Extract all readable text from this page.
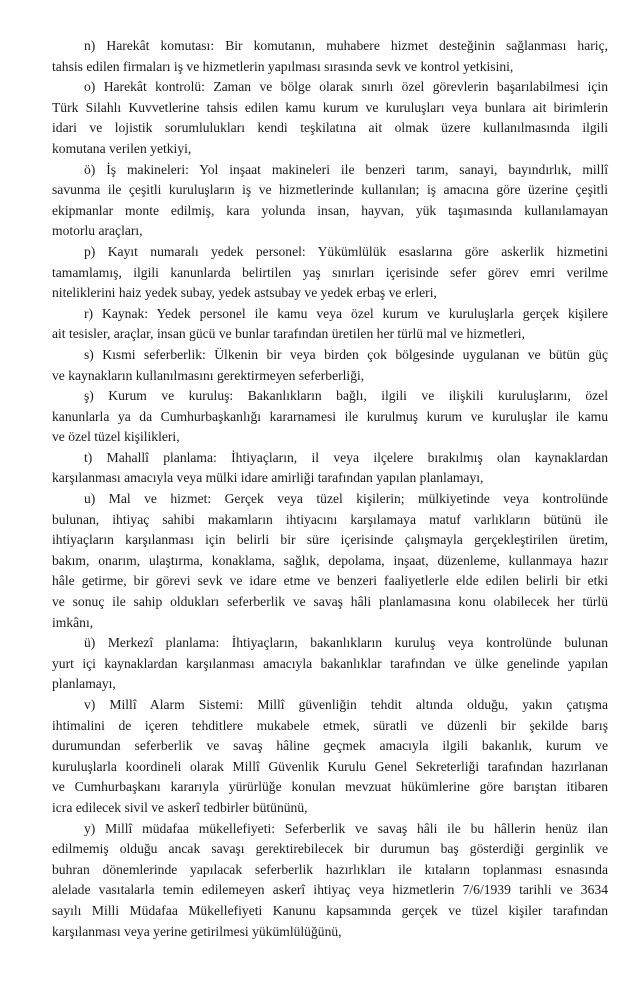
n) Harekât komutası: Bir komutanın, muhabere hizmet desteğinin sağlanması hariç,
tahsis edilen firmaları iş ve hizmetlerin yapılması sırasında sevk ve kontrol yetkisini,
o) Harekât kontrolü: Zaman ve bölge olarak sınırlı özel görevlerin başarılabilmesi için
Türk Silahlı Kuvvetlerine tahsis edilen kamu kurum ve kuruluşları veya bunlara ait birimlerin
idari ve lojistik sorumlulukları kendi teşkilatına ait olmak üzere kullanılmasında ilgili
komutana verilen yetkiyi,
ö) İş makineleri: Yol inşaat makineleri ile benzeri tarım, sanayi, bayındırlık, millî
savunma ile çeşitli kuruluşların iş ve hizmetlerinde kullanılan; iş amacına göre üzerine çeşitli
ekipmanlar monte edilmiş, kara yolunda insan, hayvan, yük taşımasında kullanılamayan
motorlu araçları,
p) Kayıt numaralı yedek personel: Yükümlülük esaslarına göre askerlik hizmetini
tamamlamış, ilgili kanunlarda belirtilen yaş sınırları içerisinde sefer görev emri verilme
niteliklerini haiz yedek subay, yedek astsubay ve yedek erbaş ve erleri,
r) Kaynak: Yedek personel ile kamu veya özel kurum ve kuruluşlarla gerçek kişilere
ait tesisler, araçlar, insan gücü ve bunlar tarafından üretilen her türlü mal ve hizmetleri,
s) Kısmi seferberlik: Ülkenin bir veya birden çok bölgesinde uygulanan ve bütün güç
ve kaynakların kullanılmasını gerektirmeyen seferberliği,
ş) Kurum ve kuruluş: Bakanlıkların bağlı, ilgili ve ilişkili kuruluşlarını, özel
kanunlarla ya da Cumhurbaşkanlığı kararnamesi ile kurulmuş kurum ve kuruluşlar ile kamu
ve özel tüzel kişilikleri,
t) Mahallî planlama: İhtiyaçların, il veya ilçelere bırakılmış olan kaynaklardan
karşılanması amacıyla veya mülki idare amirliği tarafından yapılan planlamayı,
u) Mal ve hizmet: Gerçek veya tüzel kişilerin; mülkiyetinde veya kontrolünde
bulunan, ihtiyaç sahibi makamların ihtiyacını karşılamaya matuf varlıkların bütünü ile
ihtiyaçların karşılanması için belirli bir süre içerisinde çalışmayla gerçekleştirilen üretim,
bakım, onarım, ulaştırma, konaklama, sağlık, depolama, inşaat, düzenleme, kullanmaya hazır
hâle getirme, bir görevi sevk ve idare etme ve benzeri faaliyetlerle elde edilen belirli bir etki
ve sonuç ile sahip oldukları seferberlik ve savaş hâli planlamasına konu olabilecek her türlü
imkânı,
ü) Merkezî planlama: İhtiyaçların, bakanlıkların kuruluş veya kontrolünde bulunan
yurt içi kaynaklardan karşılanması amacıyla bakanlıklar tarafından ve ülke genelinde yapılan
planlamayı,
v) Millî Alarm Sistemi: Millî güvenliğin tehdit altında olduğu, yakın çatışma
ihtimalini de içeren tehditlere mukabele etmek, süratli ve düzenli bir şekilde barış
durumundan seferberlik ve savaş hâline geçmek amacıyla ilgili bakanlık, kurum ve
kuruluşlarla koordineli olarak Millî Güvenlik Kurulu Genel Sekreterliği tarafından hazırlanan
ve Cumhurbaşkanı kararıyla yürürlüğe konulan mevzuat hükümlerine göre barıştan itibaren
icra edilecek sivil ve askerî tedbirler bütününü,
y) Millî müdafaa mükellefiyeti: Seferberlik ve savaş hâli ile bu hâllerin henüz ilan
edilmemiş olduğu ancak savaşı gerektirebilecek bir durumun baş gösterdiği gerginlik ve
buhran dönemlerinde yapılacak seferberlik hazırlıkları ile kıtaların toplanması esnasında
alelade vasıtalarla temin edilemeyen askerî ihtiyaç veya hizmetlerin 7/6/1939 tarihli ve 3634
sayılı Milli Müdafaa Mükellefiyeti Kanunu kapsamında gerçek ve tüzel kişiler tarafından
karşılanması veya yerine getirilmesi yükümlülüğünü,
